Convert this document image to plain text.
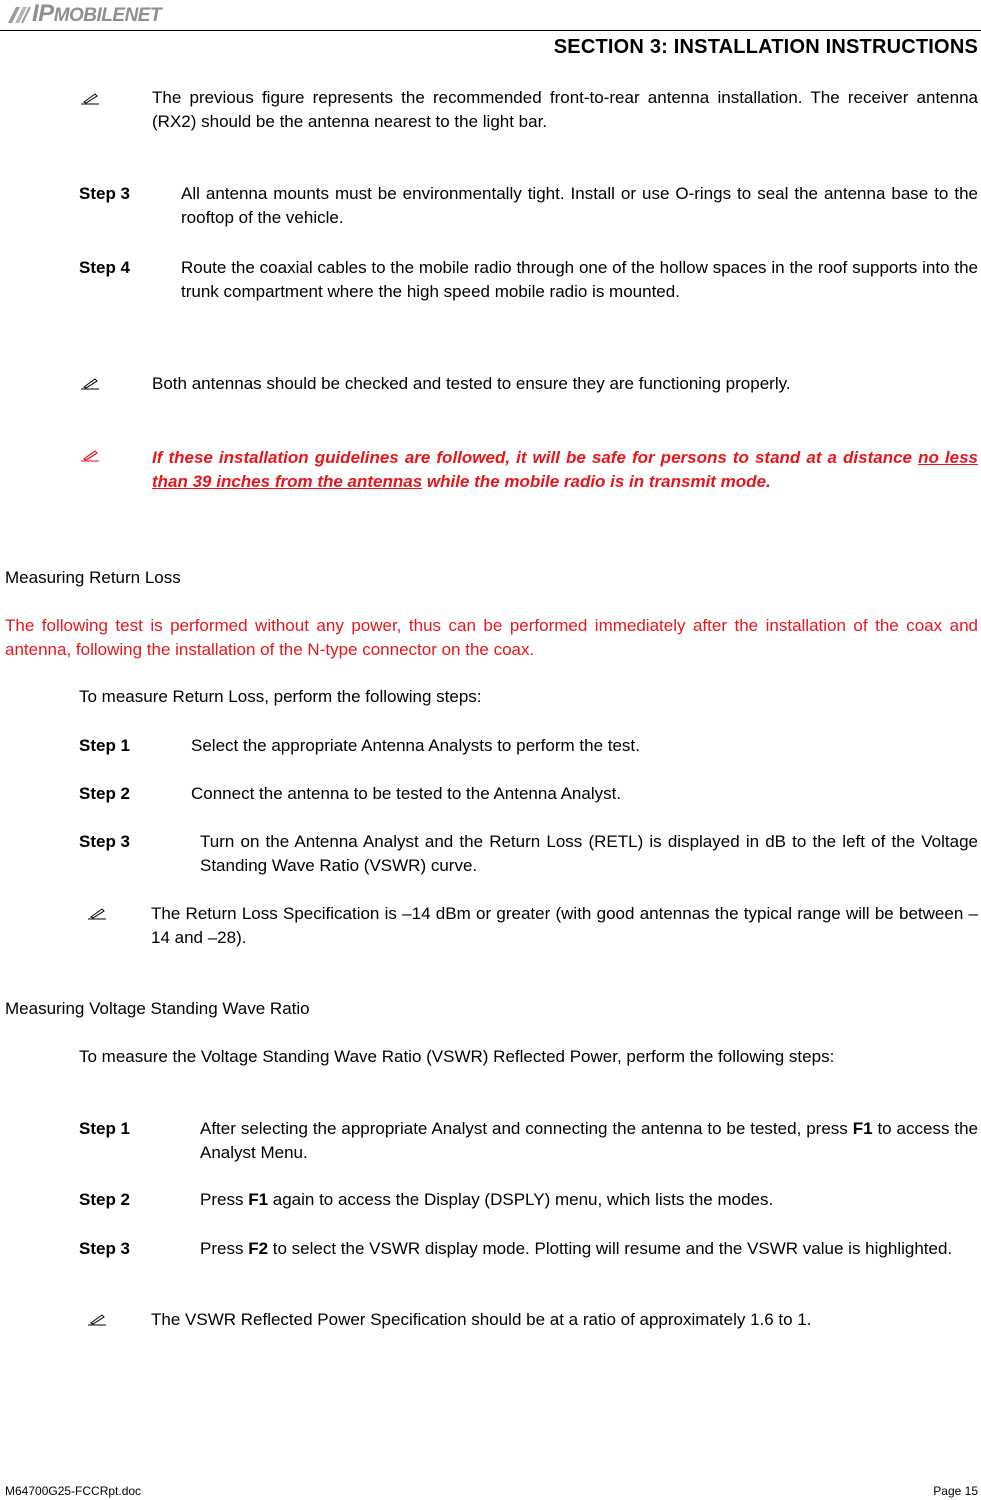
IPMOBILENET
SECTION 3: INSTALLATION INSTRUCTIONS
The previous figure represents the recommended front-to-rear antenna installation. The receiver antenna (RX2) should be the antenna nearest to the light bar.
Step 3	All antenna mounts must be environmentally tight. Install or use O-rings to seal the antenna base to the rooftop of the vehicle.
Step 4	Route the coaxial cables to the mobile radio through one of the hollow spaces in the roof supports into the trunk compartment where the high speed mobile radio is mounted.
Both antennas should be checked and tested to ensure they are functioning properly.
If these installation guidelines are followed, it will be safe for persons to stand at a distance no less than 39 inches from the antennas while the mobile radio is in transmit mode.
Measuring Return Loss
The following test is performed without any power, thus can be performed immediately after the installation of the coax and antenna, following the installation of the N-type connector on the coax.
To measure Return Loss, perform the following steps:
Step 1	Select the appropriate Antenna Analysts to perform the test.
Step 2	Connect the antenna to be tested to the Antenna Analyst.
Step 3	Turn on the Antenna Analyst and the Return Loss (RETL) is displayed in dB to the left of the Voltage Standing Wave Ratio (VSWR) curve.
The Return Loss Specification is –14 dBm or greater (with good antennas the typical range will be between –14 and –28).
Measuring Voltage Standing Wave Ratio
To measure the Voltage Standing Wave Ratio (VSWR) Reflected Power, perform the following steps:
Step 1	After selecting the appropriate Analyst and connecting the antenna to be tested, press F1 to access the Analyst Menu.
Step 2	Press F1 again to access the Display (DSPLY) menu, which lists the modes.
Step 3	Press F2 to select the VSWR display mode. Plotting will resume and the VSWR value is highlighted.
The VSWR Reflected Power Specification should be at a ratio of approximately 1.6 to 1.
M64700G25-FCCRpt.doc	Page 15
